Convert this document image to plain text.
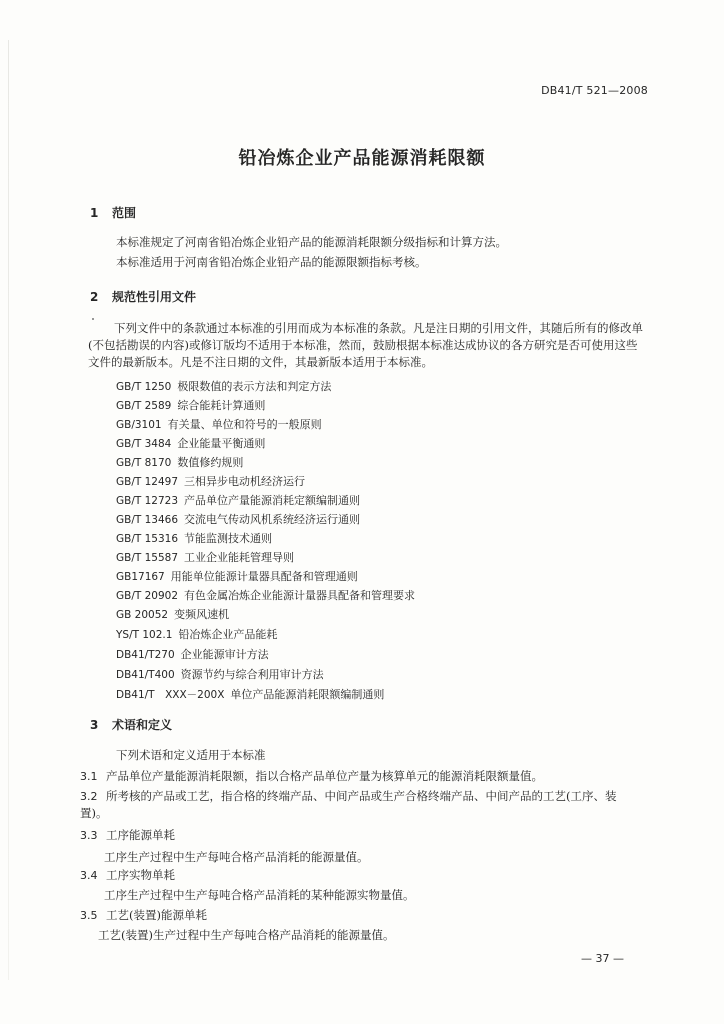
DB41/T 521—2008
铅冶炼企业产品能源消耗限额
1 范围
本标准规定了河南省铅冶炼企业铅产品的能源消耗限额分级指标和计算方法。
本标准适用于河南省铅冶炼企业铅产品的能源限额指标考核。
2 规范性引用文件
下列文件中的条款通过本标准的引用而成为本标准的条款。凡是注日期的引用文件，其随后所有的修改单(不包括勘误的内容)或修订版均不适用于本标准，然而，鼓励根据本标准达成协议的各方研究是否可使用这些文件的最新版本。凡是不注日期的文件，其最新版本适用于本标准。
GB/T 1250 极限数值的表示方法和判定方法
GB/T 2589 综合能耗计算通则
GB/3101 有关量、单位和符号的一般原则
GB/T 3484 企业能量平衡通则
GB/T 8170 数值修约规则
GB/T 12497 三相异步电动机经济运行
GB/T 12723 产品单位产量能源消耗定额编制通则
GB/T 13466 交流电气传动风机系统经济运行通则
GB/T 15316 节能监测技术通则
GB/T 15587 工业企业能耗管理导则
GB17167 用能单位能源计量器具配备和管理通则
GB/T 20902 有色金属冶炼企业能源计量器具配备和管理要求
GB 20052 变频风速机
YS/T 102.1 铅冶炼企业产品能耗
DB41/T270 企业能源审计方法
DB41/T400 资源节约与综合利用审计方法
DB41/T　XXX－200X 单位产品能源消耗限额编制通则
3 术语和定义
下列术语和定义适用于本标准
3.1 产品单位产量能源消耗限额，指以合格产品单位产量为核算单元的能源消耗限额量值。
3.2 所考核的产品或工艺，指合格的终端产品、中间产品或生产合格终端产品、中间产品的工艺(工序、装置)。
3.3 工序能源单耗
工序生产过程中生产每吨合格产品消耗的能源量值。
3.4 工序实物单耗
工序生产过程中生产每吨合格产品消耗的某种能源实物量值。
3.5 工艺(装置)能源单耗
工艺(装置)生产过程中生产每吨合格产品消耗的能源量值。
— 37 —
